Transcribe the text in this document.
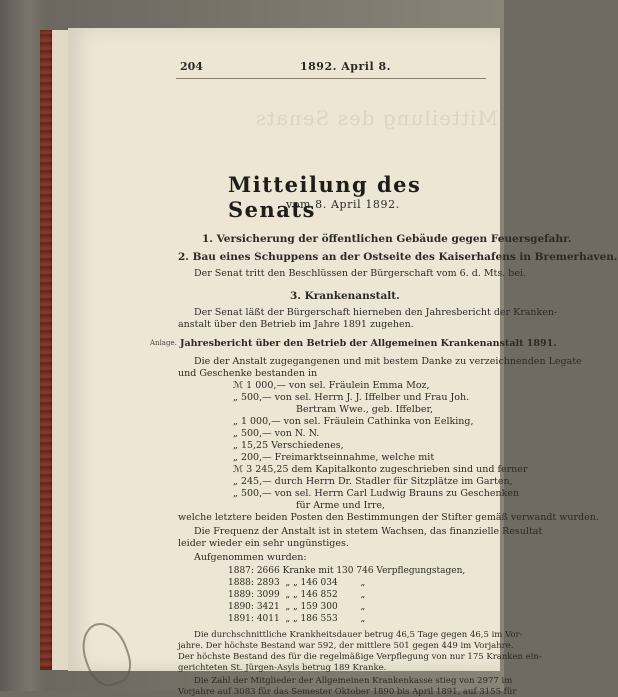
Mitteilung des Senats
204	1892. April 8.
Mitteilung des Senats
vom 8. April 1892.
1. Versicherung der öffentlichen Gebäude gegen Feuersgefahr.
2. Bau eines Schuppens an der Ostseite des Kaiserhafens in Bremerhaven.
Der Senat tritt den Beschlüssen der Bürgerschaft vom 6. d. Mts. bei.
3. Krankenanstalt.
Der Senat läßt der Bürgerschaft hierneben den Jahresbericht der Kranken-
anstalt über den Betrieb im Jahre 1891 zugehen.
Anlage. Jahresbericht über den Betrieb der Allgemeinen Krankenanstalt 1891.
Die der Anstalt zugegangenen und mit bestem Danke zu verzeichnenden Legate
und Geschenke bestanden in
ℳ 1 000,— von sel. Fräulein Emma Moz,
„ 500,— von sel. Herrn J. J. Iffelber und Frau Joh.
Bertram Wwe., geb. Iffelber,
„ 1 000,— von sel. Fräulein Cathinka von Eelking,
„ 500,— von N. N.
„ 15,25 Verschiedenes,
„ 200,— Freimarktseinnahme, welche mit
ℳ 3 245,25 dem Kapitalkonto zugeschrieben sind und ferner
„ 245,— durch Herrn Dr. Stadler für Sitzplätze im Garten,
„ 500,— von sel. Herrn Carl Ludwig Brauns zu Geschenken
für Arme und Irre,
welche letztere beiden Posten den Bestimmungen der Stifter gemäß verwandt wurden.
Die Frequenz der Anstalt ist in stetem Wachsen, das finanzielle Resultat
leider wieder ein sehr ungünstiges.
Aufgenommen wurden:
1887: 2666 Kranke mit 130 746 Verpflegungstagen,
1888: 2893 „ „ 146 034	„
1889: 3099 „ „ 146 852	„
1890: 3421 „ „ 159 300	„
1891: 4011 „ „ 186 553	„
Die durchschnittliche Krankheitsdauer betrug 46,5 Tage gegen 46,5 im Vor-
jahre. Der höchste Bestand war 592, der mittlere 501 gegen 449 im Vorjahre.
Der höchste Bestand des für die regelmäßige Verpflegung von nur 175 Kranken ein-
gerichteten St. Jürgen-Asyls betrug 189 Kranke.
Die Zahl der Mitglieder der Allgemeinen Krankenkasse stieg von 2977 im
Vorjahre auf 3083 für das Semester Oktober 1890 bis April 1891, auf 3155 für
